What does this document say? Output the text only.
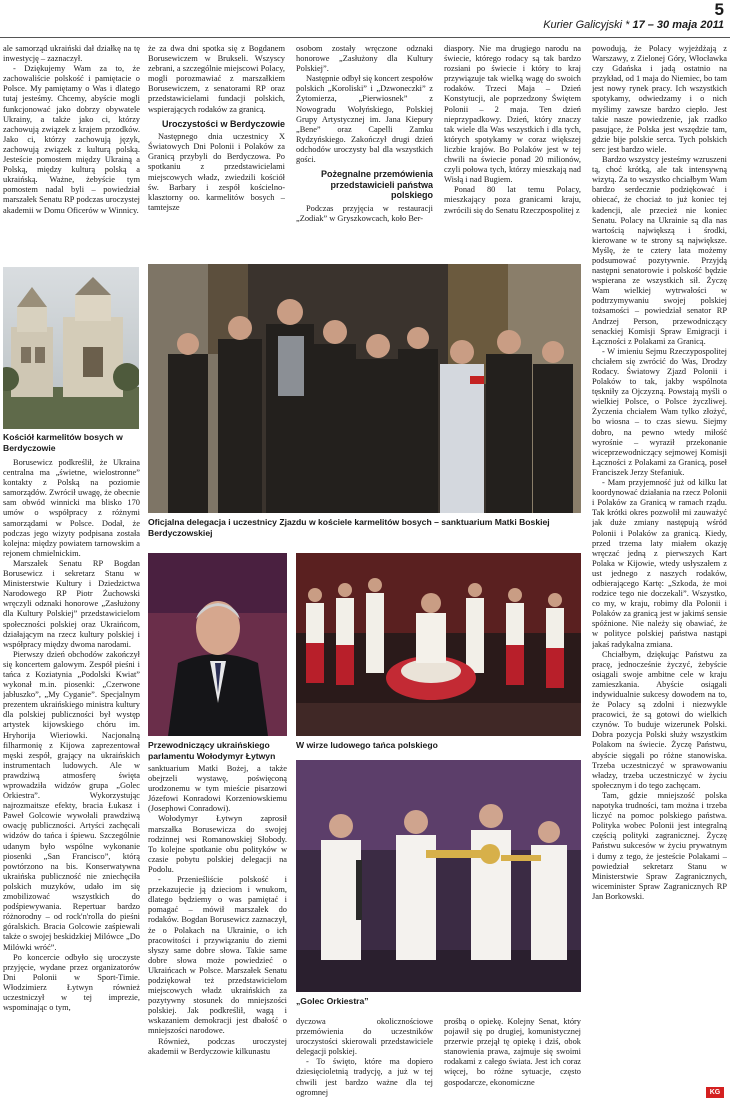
5
Kurier Galicyjski * 17 – 30 maja 2011

ale samorząd ukraiński dał działkę na tę inwestycję – zaznaczył.

- Dziękujemy Wam za to, że zachowaliście polskość i pamiętacie o Polsce. My pamiętamy o Was i dlatego tutaj jesteśmy. Chcemy, abyście mogli funkcjonować jako dobrzy obywatele Ukrainy, a także jako ci, którzy zachowują związek z krajem przodków. Jako ci, którzy zachowują język, zachowują związek z kulturą polską. Jesteście pomostem między Ukrainą a Polską, między kulturą polską a ukraińską. Ważne, żebyście tym pomostem nadal byli – powiedział marszałek Senatu RP podczas uroczystej akademii w Domu Oficerów w Winnicy.

Kościół karmelitów bosych w Berdyczowie

Borusewicz podkreślił, że Ukraina centralna ma „świetne, wielostronne” kontakty z Polską na poziomie samorządów. Zwrócił uwagę, że obecnie sam obwód winnicki ma blisko 170 umów o współpracy z różnymi samorządami w Polsce. Dodał, że podczas jego wizyty podpisana została kolejna: między powiatem tarnowskim a rejonem chmielnickim.

Marszałek Senatu RP Bogdan Borusewicz i sekretarz Stanu w Ministerstwie Kultury i Dziedzictwa Narodowego RP Piotr Żuchowski wręczyli odznaki honorowe „Zasłużony dla Kultury Polskiej” przedstawicielom społeczności polskiej oraz Ukraińcom, działającym na rzecz kultury polskiej i współpracy między dwoma narodami.

Pierwszy dzień obchodów zakończył się koncertem galowym. Zespół pieśni i tańca z Koziatynia „Podolski Kwiat” wykonał m.in. piosenki: „Czerwone jabłuszko”, „My Cyganie”. Specjalnym prezentem ukraińskiego ministra kultury dla polskiej publiczności był występ artystek kijowskiego chóru im. Hryhorija Wieriowki. Nacjonalną filharmonię z Kijowa zaprezentował męski zespół, grający na ukraińskich instrumentach ludowych. Ale w prawdziwą atmosferę święta wprowadziła widzów grupa „Golec Orkiestra”. Wykorzystując najrozmaitsze efekty, bracia Łukasz i Paweł Golcowie wywołali prawdziwą owację publiczności. Artyści zachęcali widzów do tańca i śpiewu. Szczególnie udanym było wspólne wykonanie piosenki „San Francisco”, którą powtórzono na bis. Konserwatywna ukraińska publiczność nie zniechęciła polskich muzyków, udało im się zmobilizować wszystkich do podśpiewywania. Repertuar bardzo różnorodny – od rock'n'rolla do pieśni góralskich. Bracia Golcowie zaśpiewali także o swojej beskidzkiej Milówce „Do Milówki wróć”.

Po koncercie odbyło się uroczyste przyjęcie, wydane przez organizatorów Dni Polonii w Sport-Timie. Włodzimierz Łytwyn również uczestniczył w tej imprezie, wspominając o tym,

że za dwa dni spotka się z Bogdanem Borusewiczem w Brukseli. Wszyscy zebrani, a szczególnie miejscowi Polacy, mogli porozmawiać z marszałkiem Borusewiczem, z senatorami RP oraz przedstawicielami fundacji polskich, wspierających rodaków za granicą.

Uroczystości w Berdyczowie

Następnego dnia uczestnicy X Światowych Dni Polonii i Polaków za Granicą przybyli do Berdyczowa. Po spotkaniu z przedstawicielami miejscowych władz, zwiedzili kościół św. Barbary i zespół kościelno-klasztorny oo. karmelitów bosych – tamtejsze

osobom zostały wręczone odznaki honorowe „Zasłużony dla Kultury Polskiej”.

Następnie odbył się koncert zespołów polskich „Koroliski” i „Dzwoneczki” z Żytomierza, „Pierwiosnek” z Nowogradu Wołyńskiego, Polskiej Grupy Artystycznej im. Jana Kiepury „Bene” oraz Capelli Zamku Rydzyńskiego. Zakończył drugi dzień odchodów uroczysty bal dla wszystkich gości.

Pożegnalne przemówienia przedstawicieli państwa polskiego

Podczas przyjęcia w restauracji „Zodiak” w Gryszkowcach, koło Ber-

diaspory. Nie ma drugiego narodu na świecie, którego rodacy są tak bardzo rozsiani po świecie i który to kraj przywiązuje tak wielką wagę do swoich rodaków. Trzeci Maja – Dzień Konstytucji, ale poprzedzony Świętem Polonii – 2 maja. Ten dzień nieprzypadkowy. Dzień, który znaczy tak wiele dla Was wszystkich i dla tych, których spotykamy w coraz większej liczbie krajów. Bo Polaków jest w tej chwili na świecie ponad 20 milionów, czyli połowa tych, którzy mieszkają nad Wisłą i nad Bugiem.

Ponad 80 lat temu Polacy, mieszkający poza granicami kraju, zwrócili się do Senatu Rzeczpospolitej z

Oficjalna delegacja i uczestnicy Zjazdu w kościele karmelitów bosych – sanktuarium Matki Boskiej Berdyczowskiej
Przewodniczący ukraińskiego parlamentu Wołodymyr Łytwyn
W wirze ludowego tańca polskiego

sanktuarium Matki Bożej, a także obejrzeli wystawę, poświęconą urodzonemu w tym mieście pisarzowi Józefowi Konradowi Korzeniowskiemu (Josephowi Conradowi).

Wołodymyr Łytwyn zaprosił marszałka Borusewicza do swojej rodzinnej wsi Romanowskiej Słobody. To kolejne spotkanie obu polityków w czasie pobytu polskiej delegacji na Podolu.

- Przenieśliście polskość i przekazujecie ją dzieciom i wnukom, dlatego będziemy o was pamiętać i pomagać – mówił marszałek do rodaków. Bogdan Borusewicz zaznaczył, że o Polakach na Ukrainie, o ich pracowitości i przywiązaniu do ziemi słyszy same dobre słowa. Takie same dobre słowa może powiedzieć o Ukraińcach w Polsce. Marszałek Senatu podziękował też przedstawicielom miejscowych władz ukraińskich za pozytywny stosunek do mniejszości polskiej. Jak podkreślił, wagą i wskazaniem demokracji jest dbałość o mniejszości narodowe.

Również, podczas uroczystej akademii w Berdyczowie kilkunastu

„Golec Orkiestra”

dyczowa okolicznościowe przemówienia do uczestników uroczystości skierowali przedstawiciele delegacji polskiej.

- To święto, które ma dopiero dziesięcioletnią tradycję, a już w tej chwili jest bardzo ważne dla tej ogromnej

prośbą o opiekę. Kolejny Senat, który pojawił się po drugiej, komunistycznej przerwie przejął tę opiekę i dziś, obok stanowienia prawa, zajmuje się swoimi rodakami z całego świata. Jest ich coraz więcej, bo różne sytuacje, często gospodarcze, ekonomiczne

powodują, że Polacy wyjeżdżają z Warszawy, z Zielonej Góry, Włocławka czy Gdańska i jadą ostatnio na przykład, od 1 maja do Niemiec, bo tam jest nowy rynek pracy. Ich wszystkich spotykamy, odwiedzamy i o nich myślimy zawsze bardzo ciepło. Jest takie nasze powiedzenie, jak rzadko pasujące, że Polska jest wszędzie tam, gdzie bije polskie serca. Tych polskich serc jest bardzo wiele.

Bardzo wszystcy jesteśmy wzruszeni tą, choć krótką, ale tak intensywną wizytą. Za to wszystko chciałbym Wam bardzo serdecznie podziękować i obiecać, że chociaż to już koniec tej kadencji, ale przecież nie koniec Senatu. Polacy na Ukrainie są dla nas wartością największą i środki, kierowane w te strony są największe. Myślę, że te cztery lata możemy podsumować pozytywnie. Przyjdą następni senatorowie i polskość będzie wspierana ze wszystkich sił. Życzę Wam wielkiej wytrwałości w podtrzymywaniu swojej polskiej tożsamości – powiedział senator RP Andrzej Person, przewodniczący senackiej Komisji Spraw Emigracji i Łączności z Polakami za Granicą.

- W imieniu Sejmu Rzeczypospolitej chciałem się zwrócić do Was, Drodzy Rodacy. Światowy Zjazd Polonii i Polaków to tak, jakby wspólnota tęskniły za Ojczyzną. Powstają myśli o wielkiej Polsce, o Polsce życzliwej. Życzenia chciałem Wam tylko złożyć, bo wiosna – to czas siewu. Siejmy dobro, na pewno wtedy miłość wyrośnie – wyraził przekonanie wiceprzewodniczący sejmowej Komisji Łączności z Polakami za Granicą, poseł Franciszek Jerzy Stefaniuk.

- Mam przyjemność już od kilku lat koordynować działania na rzecz Polonii i Polaków za Granicą w ramach rządu. Tak krótki okres pozwolił mi zauważyć jak duże zmiany następują wśród Polonii i Polaków za granicą. Kiedy, przed trzema laty miałem okazję wręczać jedną z pierwszych Kart Polaka w Kijowie, wtedy usłyszałem z ust jednego z naszych rodaków, odbierającego Kartę: „Szkoda, że moi rodzice tego nie doczekali”. Wszystko, co my, w kraju, robimy dla Polonii i Polaków za granicą jest w jakimś sensie spóźnione. Nie należy się obawiać, że w polityce polskiej państwa nastąpi jakaś radykalna zmiana.

Chciałbym, dziękując Państwu za pracę, jednocześnie życzyć, żebyście osiągali swoje ambitne cele w kraju zamieszkania. Abyście osiągali indywidualnie sukcesy dowodem na to, że Polacy są zdolni i niezwykle pracowici, że są gotowi do wielkich czynów. To buduje wizerunek Polski. Dobra pozycja Polski służy wszystkim Polakom na świecie. Życzę Państwu, abyście sięgali po różne stanowiska. Trzeba uczestniczyć w sprawowaniu władzy, trzeba uczestniczyć w życiu społecznym i do tego zachęcam.

Tam, gdzie mniejszość polska napotyka trudności, tam można i trzeba liczyć na pomoc polskiego państwa. Polityka wobec Polonii jest integralną częścią polityki zagranicznej. Życzę Państwu sukcesów w życiu prywatnym i dumy z tego, że jesteście Polakami – powiedział sekretarz Stanu w Ministerstwie Spraw Zagranicznych, wiceminister Spraw Zagranicznych RP Jan Borkowski.

KG
